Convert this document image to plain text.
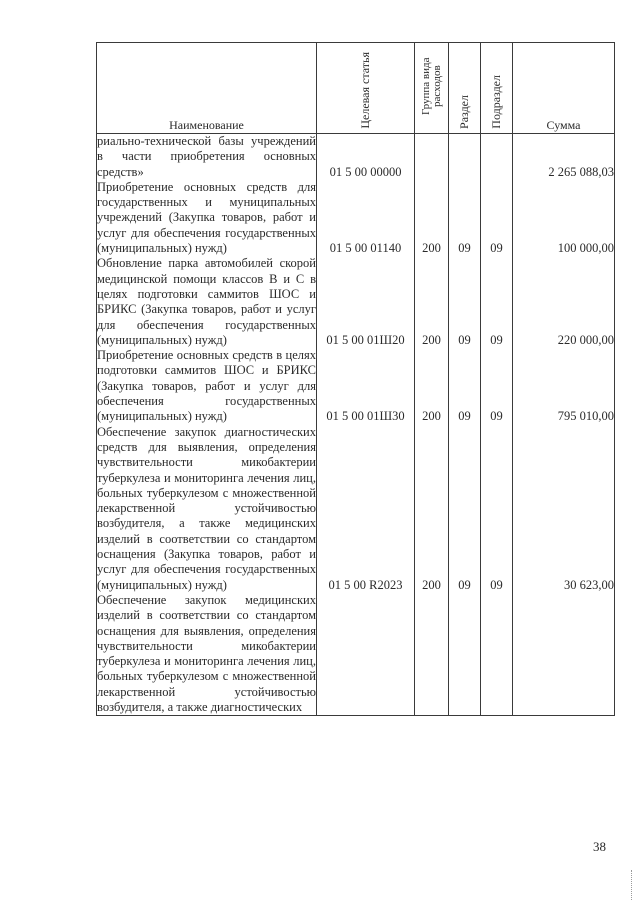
Наименование	Целевая статья	Группа вида расходов	Раздел	Подраздел	Сумма
риально-технической базы учреждений в части приобретения основных средств»	01 5 00 00000				2 265 088,03
Приобретение основных средств для государственных и муниципальных учреждений (Закупка товаров, работ и услуг для обеспечения государственных (муниципальных) нужд)	01 5 00 01140	200	09	09	100 000,00
Обновление парка автомобилей скорой медицинской помощи классов В и С в целях подготовки саммитов ШОС и БРИКС (Закупка товаров, работ и услуг для обеспечения государственных (муниципальных) нужд)	01 5 00 01Ш20	200	09	09	220 000,00
Приобретение основных средств в целях подготовки саммитов ШОС и БРИКС (Закупка товаров, работ и услуг для обеспечения государственных (муниципальных) нужд)	01 5 00 01Ш30	200	09	09	795 010,00
Обеспечение закупок диагностических средств для выявления, определения чувствительности микобактерии туберкулеза и мониторинга лечения лиц, больных туберкулезом с множественной лекарственной устойчивостью возбудителя, а также медицинских изделий в соответствии со стандартом оснащения (Закупка товаров, работ и услуг для обеспечения государственных (муниципальных) нужд)	01 5 00 R2023	200	09	09	30 623,00
Обеспечение закупок медицинских изделий в соответствии со стандартом оснащения для выявления, определения чувствительности микобактерии туберкулеза и мониторинга лечения лиц, больных туберкулезом с множественной лекарственной устойчивостью возбудителя, а также диагностических					
38
